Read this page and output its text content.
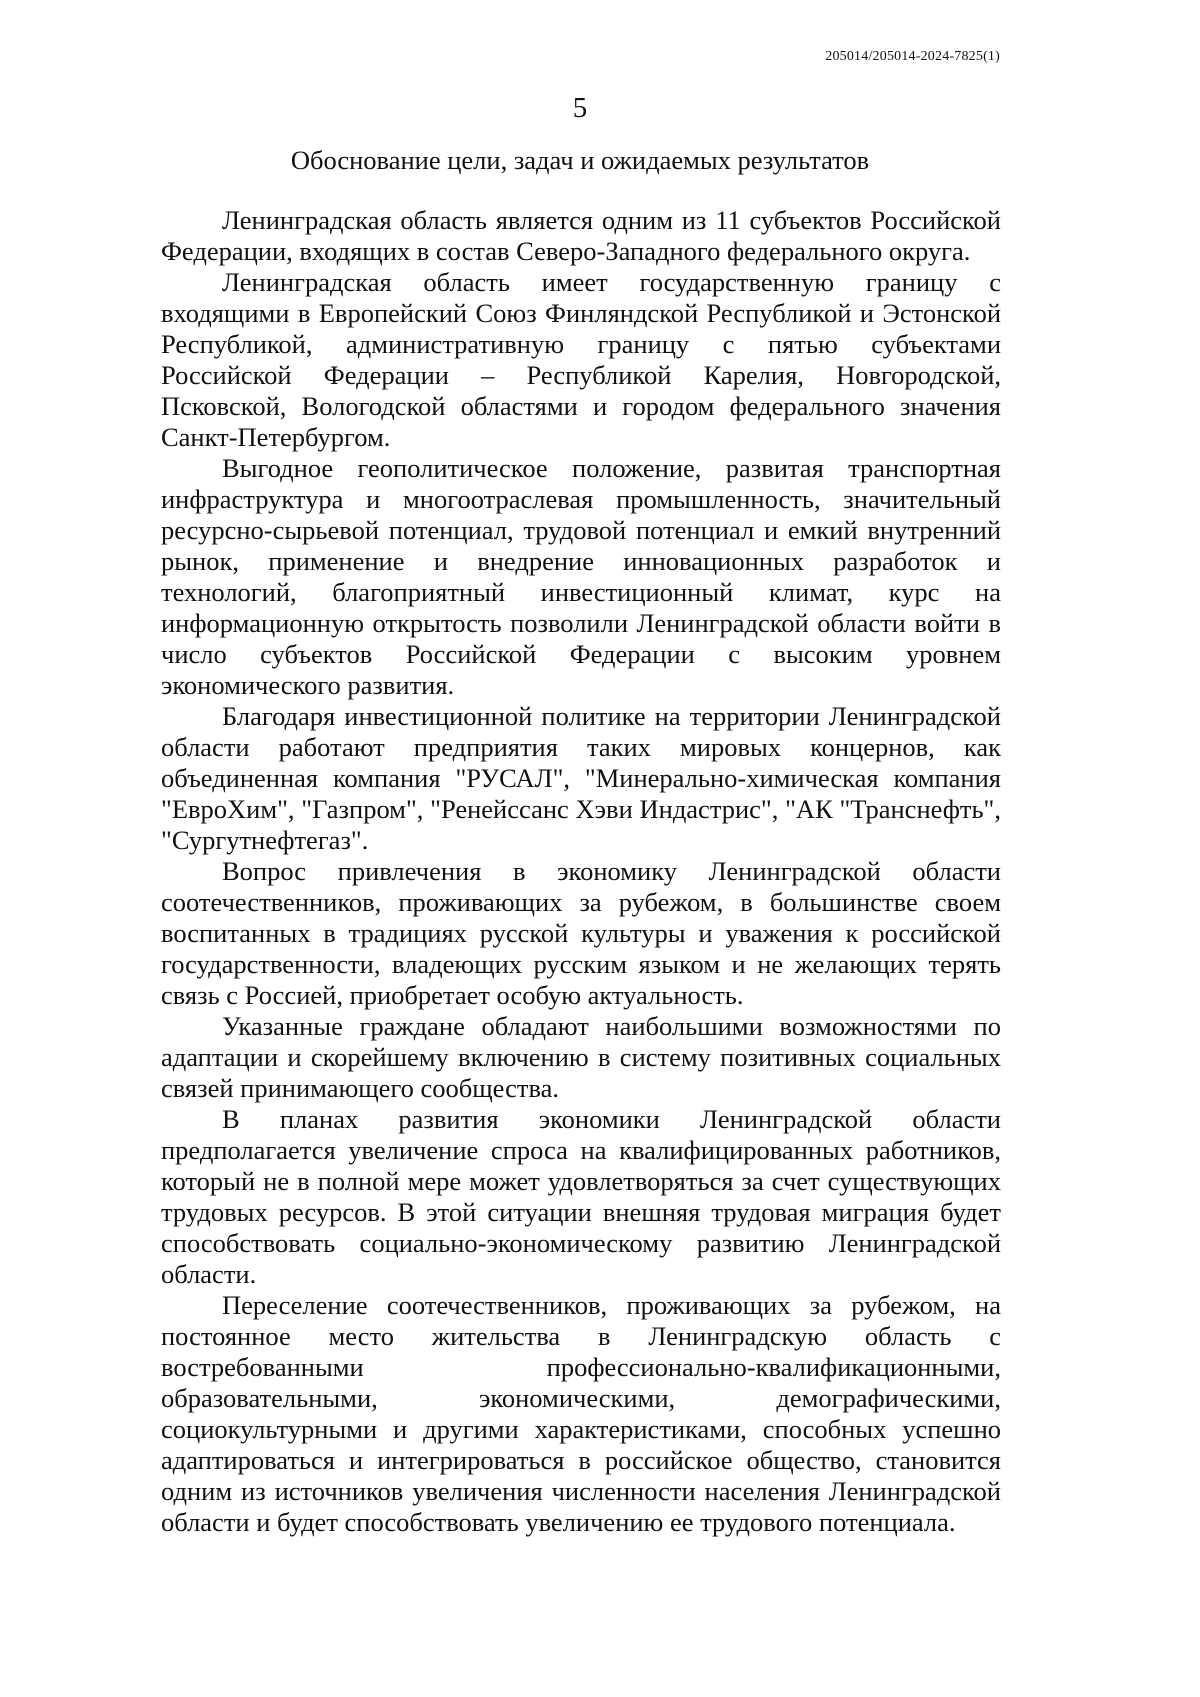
205014/205014-2024-7825(1)
5
Обоснование цели, задач и ожидаемых результатов

Ленинградская область является одним из 11 субъектов Российской Федерации, входящих в состав Северо-Западного федерального округа.

Ленинградская область имеет государственную границу с входящими в Европейский Союз Финляндской Республикой и Эстонской Республикой, административную границу с пятью субъектами Российской Федерации – Республикой Карелия, Новгородской, Псковской, Вологодской областями и городом федерального значения Санкт-Петербургом.

Выгодное геополитическое положение, развитая транспортная инфраструктура и многоотраслевая промышленность, значительный ресурсно-сырьевой потенциал, трудовой потенциал и емкий внутренний рынок, применение и внедрение инновационных разработок и технологий, благоприятный инвестиционный климат, курс на информационную открытость позволили Ленинградской области войти в число субъектов Российской Федерации с высоким уровнем экономического развития.

Благодаря инвестиционной политике на территории Ленинградской области работают предприятия таких мировых концернов, как объединенная компания "РУСАЛ", "Минерально-химическая компания "ЕвроХим", "Газпром", "Ренейссанс Хэви Индастрис", "АК "Транснефть", "Сургутнефтегаз".

Вопрос привлечения в экономику Ленинградской области соотечественников, проживающих за рубежом, в большинстве своем воспитанных в традициях русской культуры и уважения к российской государственности, владеющих русским языком и не желающих терять связь с Россией, приобретает особую актуальность.

Указанные граждане обладают наибольшими возможностями по адаптации и скорейшему включению в систему позитивных социальных связей принимающего сообщества.

В планах развития экономики Ленинградской области предполагается увеличение спроса на квалифицированных работников, который не в полной мере может удовлетворяться за счет существующих трудовых ресурсов. В этой ситуации внешняя трудовая миграция будет способствовать социально-экономическому развитию Ленинградской области.

Переселение соотечественников, проживающих за рубежом, на постоянное место жительства в Ленинградскую область с востребованными профессионально-квалификационными, образовательными, экономическими, демографическими, социокультурными и другими характеристиками, способных успешно адаптироваться и интегрироваться в российское общество, становится одним из источников увеличения численности населения Ленинградской области и будет способствовать увеличению ее трудового потенциала.
